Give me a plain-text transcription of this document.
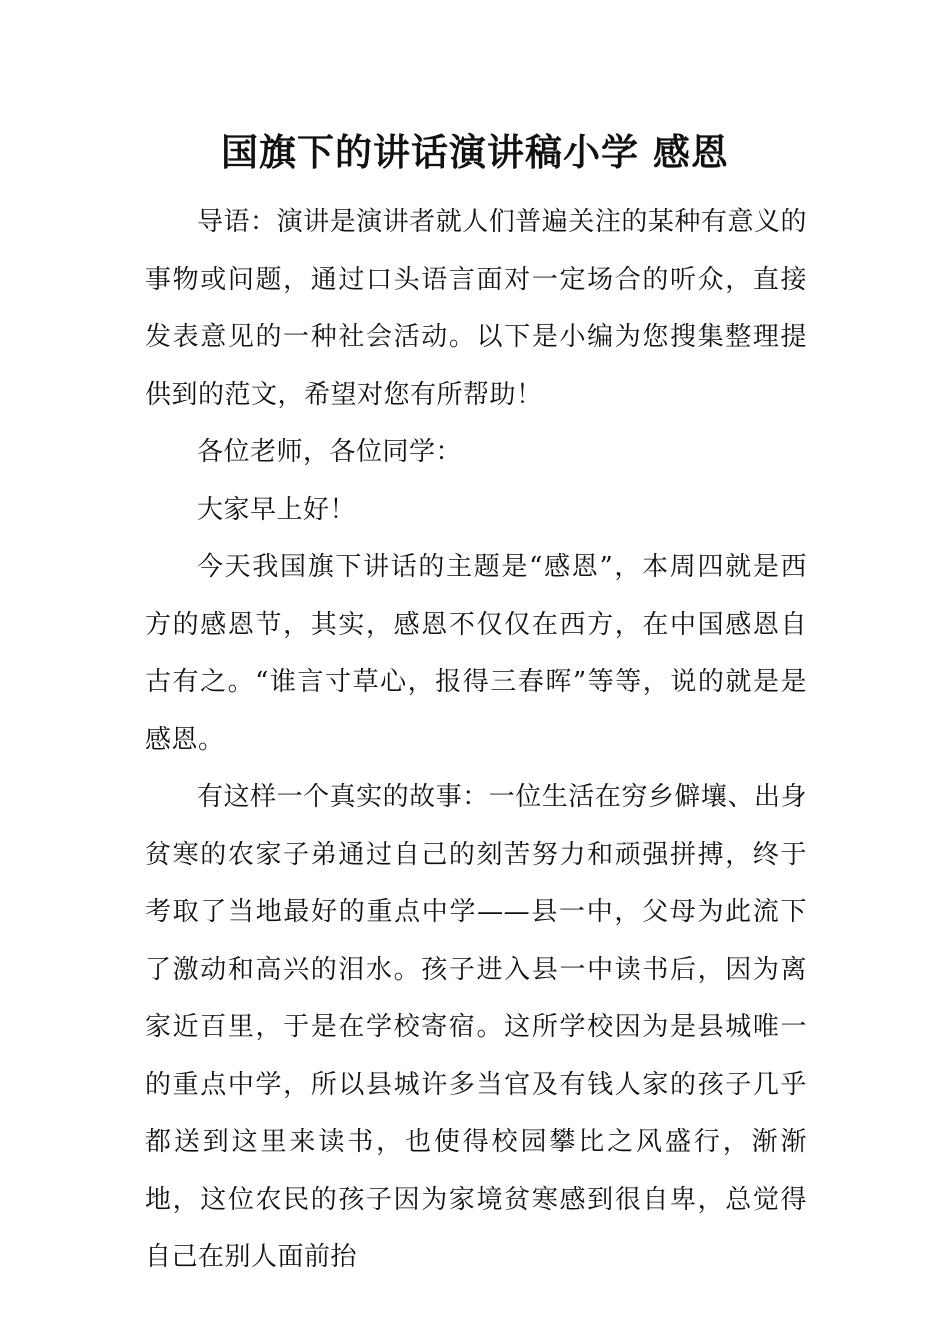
国旗下的讲话演讲稿小学 感恩

导语：演讲是演讲者就人们普遍关注的某种有意义的事物或问题，通过口头语言面对一定场合的听众，直接发表意见的一种社会活动。以下是小编为您搜集整理提供到的范文，希望对您有所帮助！

各位老师，各位同学：

大家早上好！

今天我国旗下讲话的主题是“感恩”，本周四就是西方的感恩节，其实，感恩不仅仅在西方，在中国感恩自古有之。“谁言寸草心，报得三春晖”等等，说的就是是感恩。

有这样一个真实的故事：一位生活在穷乡僻壤、出身贫寒的农家子弟通过自己的刻苦努力和顽强拼搏，终于考取了当地最好的重点中学——县一中，父母为此流下了激动和高兴的泪水。孩子进入县一中读书后，因为离家近百里，于是在学校寄宿。这所学校因为是县城唯一的重点中学，所以县城许多当官及有钱人家的孩子几乎都送到这里来读书，也使得校园攀比之风盛行，渐渐地，这位农民的孩子因为家境贫寒感到很自卑，总觉得自己在别人面前抬
